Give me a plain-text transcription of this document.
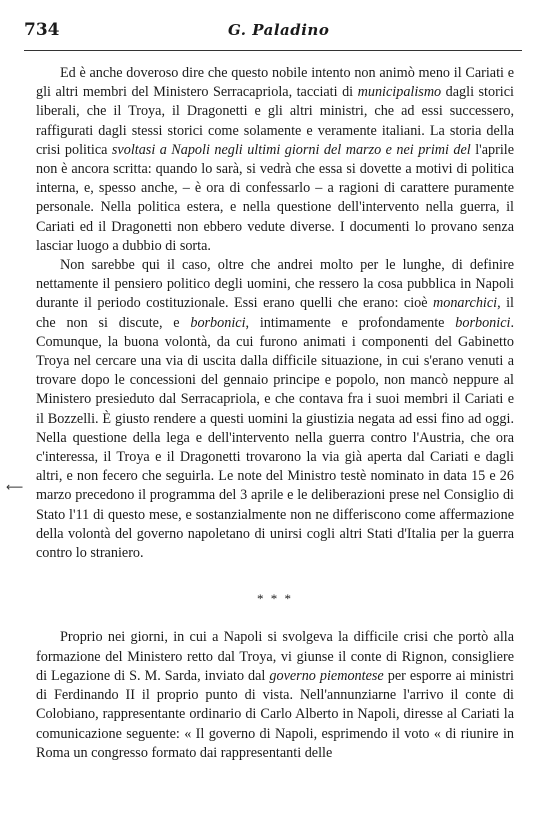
734	G. Paladino
⟵

Ed è anche doveroso dire che questo nobile intento non animò meno il Cariati e gli altri membri del Ministero Serracapriola, tacciati di municipalismo dagli storici liberali, che il Troya, il Dragonetti e gli altri ministri, che ad essi successero, raffigurati dagli stessi storici come solamente e veramente italiani. La storia della crisi politica svoltasi a Napoli negli ultimi giorni del marzo e nei primi del l'aprile non è ancora scritta: quando lo sarà, si vedrà che essa si dovette a motivi di politica interna, e, spesso anche, – è ora di confessarlo – a ragioni di carattere puramente personale. Nella politica estera, e nella questione dell'intervento nella guerra, il Cariati ed il Dragonetti non ebbero vedute diverse. I documenti lo provano senza lasciar luogo a dubbio di sorta.

Non sarebbe qui il caso, oltre che andrei molto per le lunghe, di definire nettamente il pensiero politico degli uomini, che ressero la cosa pubblica in Napoli durante il periodo costituzionale. Essi erano quelli che erano: cioè monarchici, il che non si discute, e borbonici, intimamente e profondamente borbonici. Comunque, la buona volontà, da cui furono animati i componenti del Gabinetto Troya nel cercare una via di uscita dalla difficile situazione, in cui s'erano venuti a trovare dopo le concessioni del gennaio principe e popolo, non mancò neppure al Ministero presieduto dal Serracapriola, e che contava fra i suoi membri il Cariati e il Bozzelli. È giusto rendere a questi uomini la giustizia negata ad essi fino ad oggi. Nella questione della lega e dell'intervento nella guerra contro l'Austria, che ora c'interessa, il Troya e il Dragonetti trovarono la via già aperta dal Cariati e dagli altri, e non fecero che seguirla. Le note del Ministro testè nominato in data 15 e 26 marzo precedono il programma del 3 aprile e le deliberazioni prese nel Consiglio di Stato l'11 di questo mese, e sostanzialmente non ne differiscono come affermazione della volontà del governo napoletano di unirsi cogli altri Stati d'Italia per la guerra contro lo straniero.

* * *

Proprio nei giorni, in cui a Napoli si svolgeva la difficile crisi che portò alla formazione del Ministero retto dal Troya, vi giunse il conte di Rignon, consigliere di Legazione di S. M. Sarda, inviato dal governo piemontese per esporre ai ministri di Ferdinando II il proprio punto di vista. Nell'annunziarne l'arrivo il conte di Colobiano, rappresentante ordinario di Carlo Alberto in Napoli, diresse al Cariati la comunicazione seguente: « Il governo di Napoli, esprimendo il voto « di riunire in Roma un congresso formato dai rappresentanti delle
